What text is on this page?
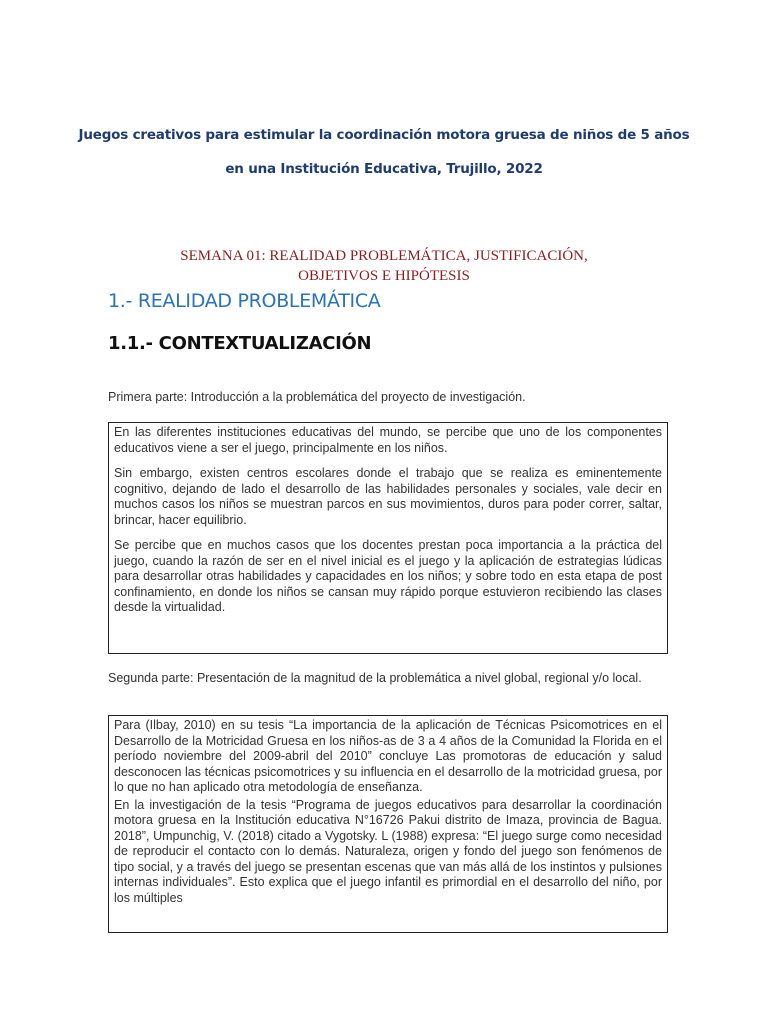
Juegos creativos para estimular la coordinación motora gruesa de niños de 5 años
en una Institución Educativa, Trujillo, 2022
SEMANA 01: REALIDAD PROBLEMÁTICA, JUSTIFICACIÓN,
OBJETIVOS E HIPÓTESIS
1.- REALIDAD PROBLEMÁTICA
1.1.- CONTEXTUALIZACIÓN
Primera parte: Introducción a la problemática del proyecto de investigación.

En las diferentes instituciones educativas del mundo, se percibe que uno de los componentes educativos viene a ser el juego, principalmente en los niños.

Sin embargo, existen centros escolares donde el trabajo que se realiza es eminentemente cognitivo, dejando de lado el desarrollo de las habilidades personales y sociales, vale decir en muchos casos los niños se muestran parcos en sus movimientos, duros para poder correr, saltar, brincar, hacer equilibrio.

Se percibe que en muchos casos que los docentes prestan poca importancia a la práctica del juego, cuando la razón de ser en el nivel inicial es el juego y la aplicación de estrategias lúdicas para desarrollar otras habilidades y capacidades en los niños; y sobre todo en esta etapa de post confinamiento, en donde los niños se cansan muy rápido porque estuvieron recibiendo las clases desde la virtualidad.

Segunda parte: Presentación de la magnitud de la problemática a nivel global, regional y/o local.

Para (Ilbay, 2010) en su tesis “La importancia de la aplicación de Técnicas Psicomotrices en el Desarrollo de la Motricidad Gruesa en los niños-as de 3 a 4 años de la Comunidad la Florida en el período noviembre del 2009-abril del 2010” concluye Las promotoras de educación y salud desconocen las técnicas psicomotrices y su influencia en el desarrollo de la motricidad gruesa, por lo que no han aplicado otra metodología de enseñanza.

En la investigación de la tesis “Programa de juegos educativos para desarrollar la coordinación motora gruesa en la Institución educativa N°16726 Pakui distrito de Imaza, provincia de Bagua. 2018”, Umpunchig, V. (2018) citado a Vygotsky. L (1988) expresa: “El juego surge como necesidad de reproducir el contacto con lo demás. Naturaleza, origen y fondo del juego son fenómenos de tipo social, y a través del juego se presentan escenas que van más allá de los instintos y pulsiones internas individuales”. Esto explica que el juego infantil es primordial en el desarrollo del niño, por los múltiples
